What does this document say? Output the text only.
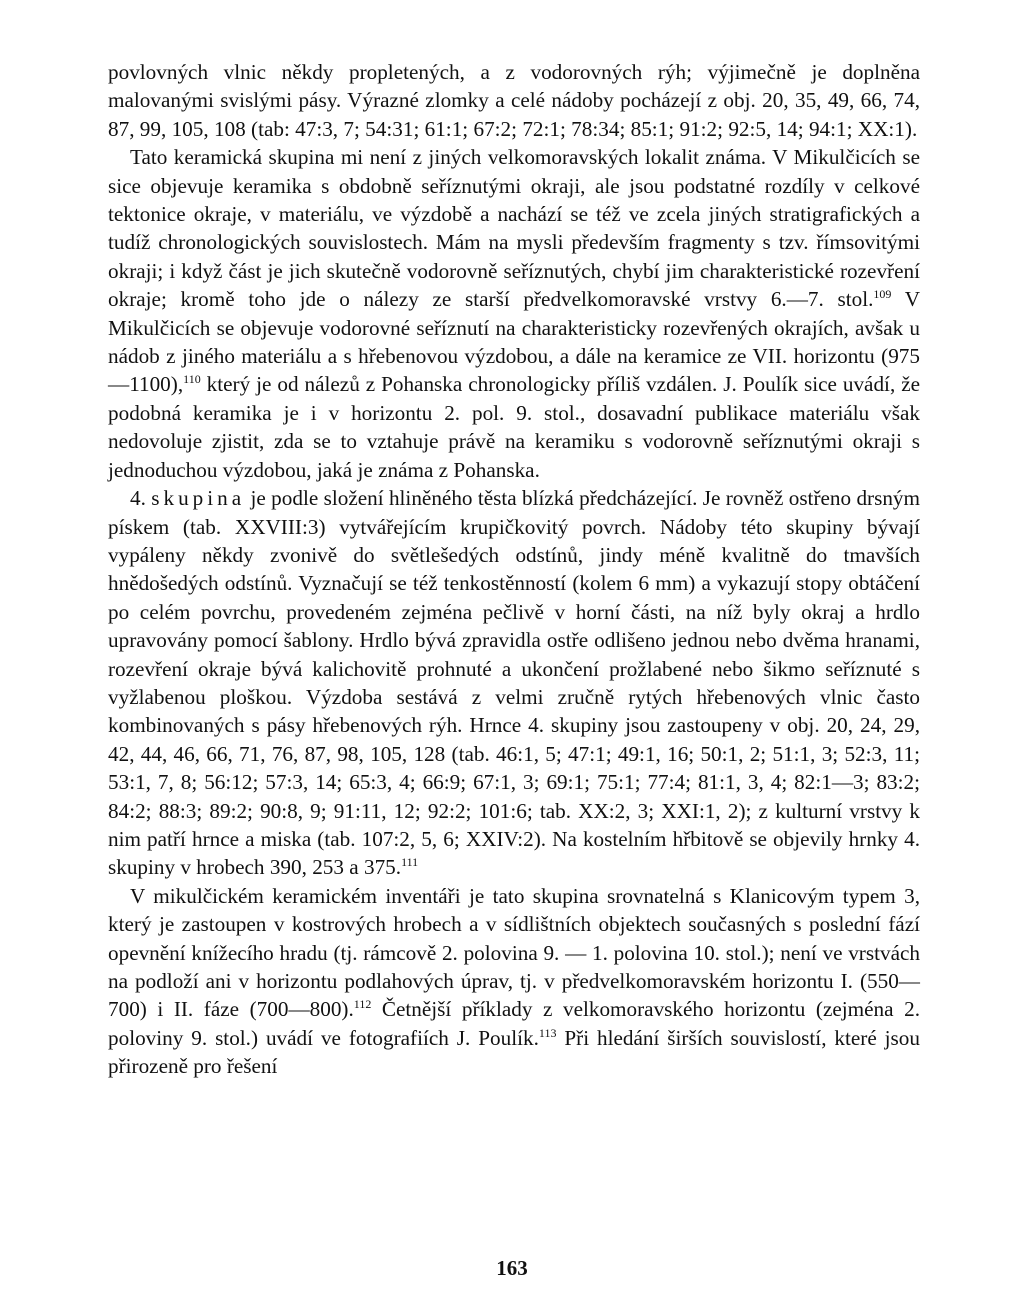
povlovných vlnic někdy propletených, a z vodorovných rýh; výjimečně je doplněna malovanými svislými pásy. Výrazné zlomky a celé nádoby pocházejí z obj. 20, 35, 49, 66, 74, 87, 99, 105, 108 (tab: 47:3, 7; 54:31; 61:1; 67:2; 72:1; 78:34; 85:1; 91:2; 92:5, 14; 94:1; XX:1).

Tato keramická skupina mi není z jiných velkomoravských lokalit známa. V Mikulčicích se sice objevuje keramika s obdobně seříznutými okraji, ale jsou podstatné rozdíly v celkové tektonice okraje, v materiálu, ve výzdobě a nachází se též ve zcela jiných stratigrafických a tudíž chronologických souvislostech. Mám na mysli především fragmenty s tzv. římsovitými okraji; i když část je jich skutečně vodorovně seříznutých, chybí jim charakteristické rozevření okraje; kromě toho jde o nálezy ze starší předvelkomoravské vrstvy 6.—7. stol.$^{109}$ V Mikulčicích se objevuje vodorovné seříznutí na charakteristicky rozevřených okrajích, avšak u nádob z jiného materiálu a s hřebenovou výzdobou, a dále na keramice ze VII. horizontu (975—1100),$^{110}$ který je od nálezů z Pohanska chronologicky příliš vzdálen. J. Poulík sice uvádí, že podobná keramika je i v horizontu 2. pol. 9. stol., dosavadní publikace materiálu však nedovoluje zjistit, zda se to vztahuje právě na keramiku s vodorovně seříznutými okraji s jednoduchou výzdobou, jaká je známa z Pohanska.

4. skupina je podle složení hliněného těsta blízká předcházející. Je rovněž ostřeno drsným pískem (tab. XXVIII:3) vytvářejícím krupičkovitý povrch. Nádoby této skupiny bývají vypáleny někdy zvonivě do světlešedých odstínů, jindy méně kvalitně do tmavších hnědošedých odstínů. Vyznačují se též tenkostěnností (kolem 6 mm) a vykazují stopy obtáčení po celém povrchu, provedeném zejména pečlivě v horní části, na níž byly okraj a hrdlo upravovány pomocí šablony. Hrdlo bývá zpravidla ostře odlišeno jednou nebo dvěma hranami, rozevření okraje bývá kalichovitě prohnuté a ukončení prožlabené nebo šikmo seříznuté s vyžlabenou ploškou. Výzdoba sestává z velmi zručně rytých hřebenových vlnic často kombinovaných s pásy hřebenových rýh. Hrnce 4. skupiny jsou zastoupeny v obj. 20, 24, 29, 42, 44, 46, 66, 71, 76, 87, 98, 105, 128 (tab. 46:1, 5; 47:1; 49:1, 16; 50:1, 2; 51:1, 3; 52:3, 11; 53:1, 7, 8; 56:12; 57:3, 14; 65:3, 4; 66:9; 67:1, 3; 69:1; 75:1; 77:4; 81:1, 3, 4; 82:1—3; 83:2; 84:2; 88:3; 89:2; 90:8, 9; 91:11, 12; 92:2; 101:6; tab. XX:2, 3; XXI:1, 2); z kulturní vrstvy k nim patří hrnce a miska (tab. 107:2, 5, 6; XXIV:2). Na kostelním hřbitově se objevily hrnky 4. skupiny v hrobech 390, 253 a 375.$^{111}$

V mikulčickém keramickém inventáři je tato skupina srovnatelná s Klanicovým typem 3, který je zastoupen v kostrových hrobech a v sídlištních objektech současných s poslední fází opevnění knížecího hradu (tj. rámcově 2. polovina 9. — 1. polovina 10. stol.); není ve vrstvách na podloží ani v horizontu podlahových úprav, tj. v předvelkomoravském horizontu I. (550—700) i II. fáze (700—800).$^{112}$ Četnější příklady z velkomoravského horizontu (zejména 2. poloviny 9. stol.) uvádí ve fotografiích J. Poulík.$^{113}$ Při hledání širších souvislostí, které jsou přirozeně pro řešení

163
